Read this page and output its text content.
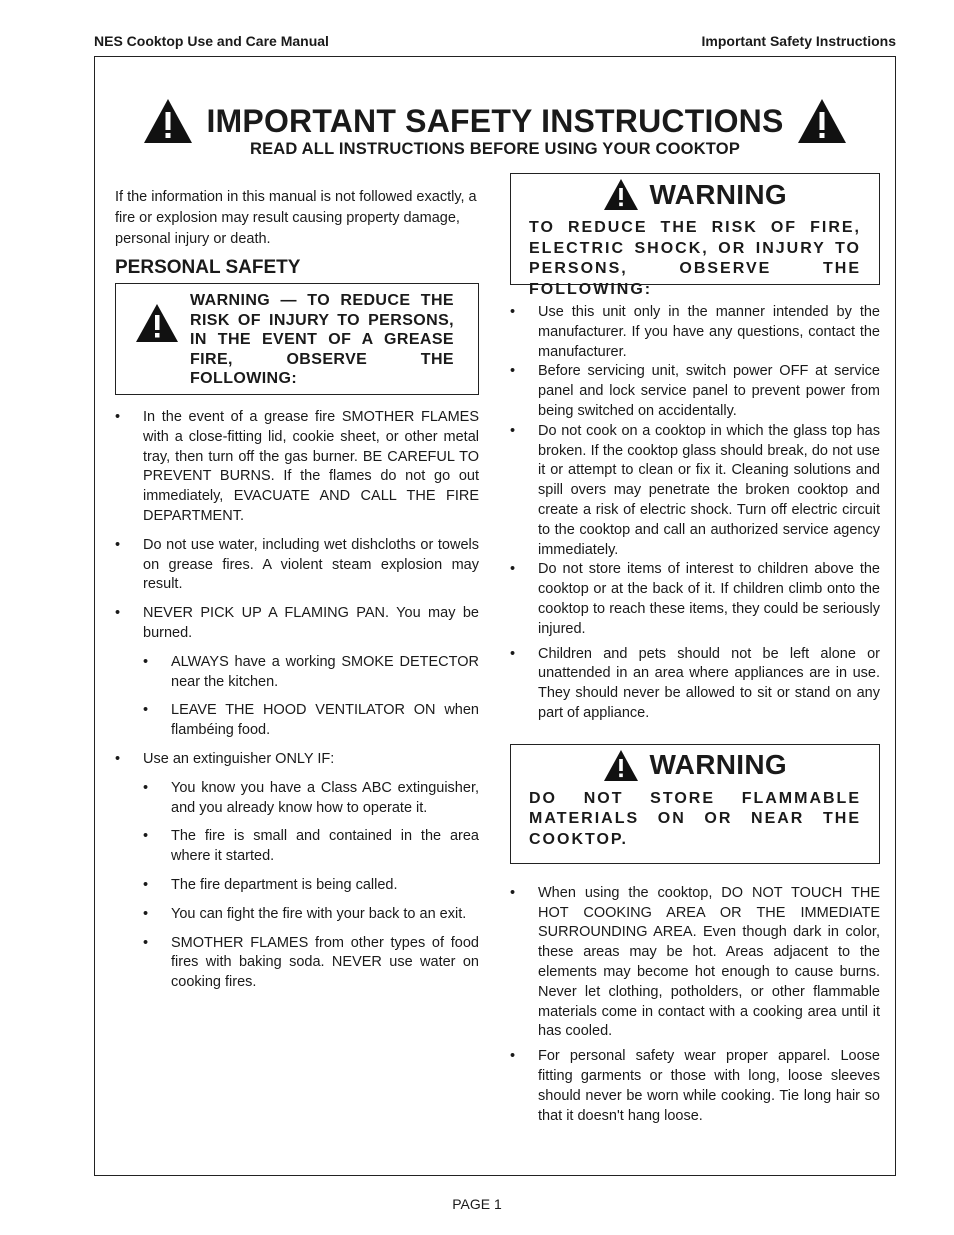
NES Cooktop Use and Care Manual	Important Safety Instructions
IMPORTANT SAFETY INSTRUCTIONS
READ ALL INSTRUCTIONS BEFORE USING YOUR COOKTOP

If the information in this manual is not followed exactly, a fire or explosion may result causing property damage, personal injury or death.

PERSONAL SAFETY
WARNING — TO REDUCE THE RISK OF INJURY TO PERSONS, IN THE EVENT OF A GREASE FIRE, OBSERVE THE FOLLOWING:
• In the event of a grease fire SMOTHER FLAMES with a close-fitting lid, cookie sheet, or other metal tray, then turn off the gas burner. BE CAREFUL TO PREVENT BURNS. If the flames do not go out immediately, EVACUATE AND CALL THE FIRE DEPARTMENT.
• Do not use water, including wet dishcloths or towels on grease fires. A violent steam explosion may result.
• NEVER PICK UP A FLAMING PAN. You may be burned.
• ALWAYS have a working SMOKE DETECTOR near the kitchen.
• LEAVE THE HOOD VENTILATOR ON when flambéing food.
• Use an extinguisher ONLY IF:
• You know you have a Class ABC extinguisher, and you already know how to operate it.
• The fire is small and contained in the area where it started.
• The fire department is being called.
• You can fight the fire with your back to an exit.
• SMOTHER FLAMES from other types of food fires with baking soda. NEVER use water on cooking fires.
WARNING
TO REDUCE THE RISK OF FIRE, ELECTRIC SHOCK, OR INJURY TO PERSONS, OBSERVE THE FOLLOWING:
• Use this unit only in the manner intended by the manufacturer. If you have any questions, contact the manufacturer.
• Before servicing unit, switch power OFF at service panel and lock service panel to prevent power from being switched on accidentally.
• Do not cook on a cooktop in which the glass top has broken. If the cooktop glass should break, do not use it or attempt to clean or fix it. Cleaning solutions and spill overs may penetrate the broken cooktop and create a risk of electric shock. Turn off electric circuit to the cooktop and call an authorized service agency immediately.
• Do not store items of interest to children above the cooktop or at the back of it. If children climb onto the cooktop to reach these items, they could be seriously injured.
• Children and pets should not be left alone or unattended in an area where appliances are in use. They should never be allowed to sit or stand on any part of appliance.
WARNING
DO NOT STORE FLAMMABLE MATERIALS ON OR NEAR THE COOKTOP.
• When using the cooktop, DO NOT TOUCH THE HOT COOKING AREA OR THE IMMEDIATE SURROUNDING AREA. Even though dark in color, these areas may be hot. Areas adjacent to the elements may become hot enough to cause burns. Never let clothing, potholders, or other flammable materials come in contact with a cooking area until it has cooled.
• For personal safety wear proper apparel. Loose fitting garments or those with long, loose sleeves should never be worn while cooking. Tie long hair so that it doesn't hang loose.
PAGE 1
